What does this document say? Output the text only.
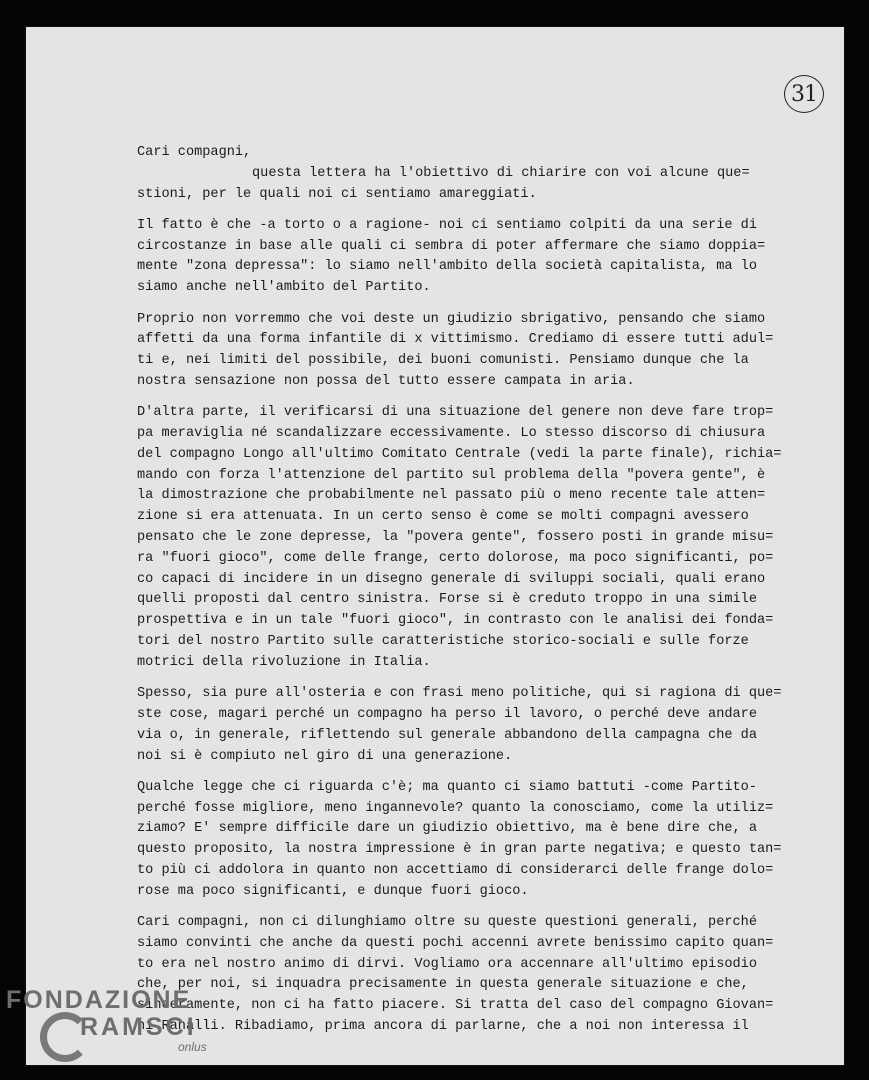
31
Cari compagni,
questa lettera ha l'obiettivo di chiarire con voi alcune que=
stioni, per le quali noi ci sentiamo amareggiati.
Il fatto è che -a torto o a ragione- noi ci sentiamo colpiti da una serie di
circostanze in base alle quali ci sembra di poter affermare che siamo doppia=
mente "zona depressa": lo siamo nell'ambito della società capitalista, ma lo
siamo anche nell'ambito del Partito.
Proprio non vorremmo che voi deste un giudizio sbrigativo, pensando che siamo
affetti da una forma infantile di x vittimismo. Crediamo di essere tutti adul=
ti e, nei limiti del possibile, dei buoni comunisti. Pensiamo dunque che la
nostra sensazione non possa del tutto essere campata in aria.
D'altra parte, il verificarsi di una situazione del genere non deve fare trop=
pa meraviglia né scandalizzare eccessivamente. Lo stesso discorso di chiusura
del compagno Longo all'ultimo Comitato Centrale (vedi la parte finale), richia=
mando con forza l'attenzione del partito sul problema della "povera gente", è
la dimostrazione che probabilmente nel passato più o meno recente tale atten=
zione si era attenuata. In un certo senso è come se molti compagni avessero
pensato che le zone depresse, la "povera gente", fossero posti in grande misu=
ra "fuori gioco", come delle frange, certo dolorose, ma poco significanti, po=
co capaci di incidere in un disegno generale di sviluppi sociali, quali erano
quelli proposti dal centro sinistra. Forse si è creduto troppo in una simile
prospettiva e in un tale "fuori gioco", in contrasto con le analisi dei fonda=
tori del nostro Partito sulle caratteristiche storico-sociali e sulle forze
motrici della rivoluzione in Italia.
Spesso, sia pure all'osteria e con frasi meno politiche, qui si ragiona di que=
ste cose, magari perché un compagno ha perso il lavoro, o perché deve andare
via o, in generale, riflettendo sul generale abbandono della campagna che da
noi si è compiuto nel giro di una generazione.
Qualche legge che ci riguarda c'è; ma quanto ci siamo battuti -come Partito-
perché fosse migliore, meno ingannevole? quanto la conosciamo, come la utiliz=
ziamo? E' sempre difficile dare un giudizio obiettivo, ma è bene dire che, a
questo proposito, la nostra impressione è in gran parte negativa; e questo tan=
to più ci addolora in quanto non accettiamo di considerarci delle frange dolo=
rose ma poco significanti, e dunque fuori gioco.
Cari compagni, non ci dilunghiamo oltre su queste questioni generali, perché
siamo convinti che anche da questi pochi accenni avrete benissimo capito quan=
to era nel nostro animo di dirvi. Vogliamo ora accennare all'ultimo episodio
che, per noi, si inquadra precisamente in questa generale situazione e che,
sinceramente, non ci ha fatto piacere. Si tratta del caso del compagno Giovan=
ni Ranalli. Ribadiamo, prima ancora di parlarne, che a noi non interessa il
FONDAZIONE
RAMSCI
onlus
